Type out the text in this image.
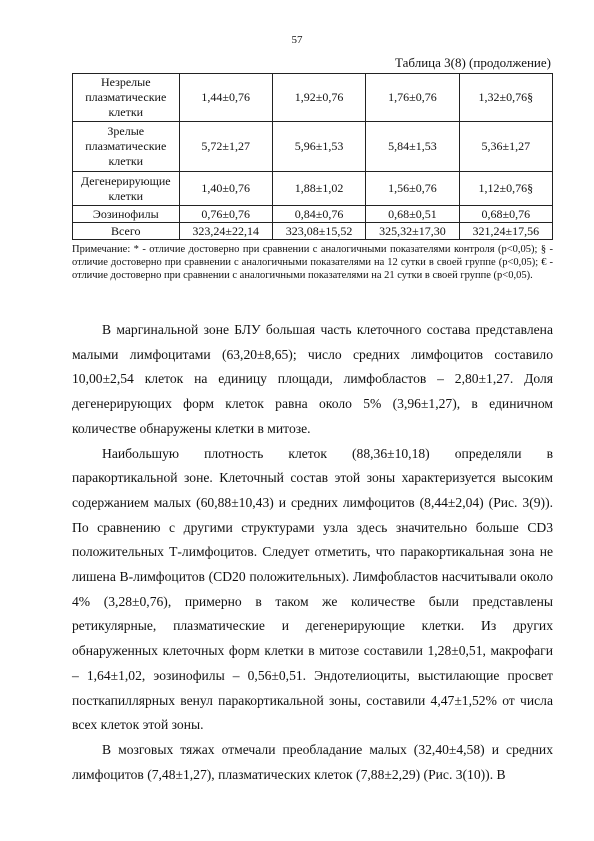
57
Таблица 3(8) (продолжение)
Незрелые плазматические клетки	1,44±0,76	1,92±0,76	1,76±0,76	1,32±0,76§
Зрелые плазматические клетки	5,72±1,27	5,96±1,53	5,84±1,53	5,36±1,27
Дегенерирующие клетки	1,40±0,76	1,88±1,02	1,56±0,76	1,12±0,76§
Эозинофилы	0,76±0,76	0,84±0,76	0,68±0,51	0,68±0,76
Всего	323,24±22,14	323,08±15,52	325,32±17,30	321,24±17,56
Примечание: * - отличие достоверно при сравнении с аналогичными показателями контроля (p<0,05); § - отличие достоверно при сравнении с аналогичными показателями на 12 сутки в своей группе (p<0,05); € - отличие достоверно при сравнении с аналогичными показателями на 21 сутки в своей группе (p<0,05).

В маргинальной зоне БЛУ большая часть клеточного состава представлена малыми лимфоцитами (63,20±8,65); число средних лимфоцитов составило 10,00±2,54 клеток на единицу площади, лимфобластов – 2,80±1,27. Доля дегенерирующих форм клеток равна около 5% (3,96±1,27), в единичном количестве обнаружены клетки в митозе.

Наибольшую плотность клеток (88,36±10,18) определяли в паракортикальной зоне. Клеточный состав этой зоны характеризуется высоким содержанием малых (60,88±10,43) и средних лимфоцитов (8,44±2,04) (Рис. 3(9)). По сравнению с другими структурами узла здесь значительно больше CD3 положительных Т-лимфоцитов. Следует отметить, что паракортикальная зона не лишена В-лимфоцитов (CD20 положительных). Лимфобластов насчитывали около 4% (3,28±0,76), примерно в таком же количестве были представлены ретикулярные, плазматические и дегенерирующие клетки. Из других обнаруженных клеточных форм клетки в митозе составили 1,28±0,51, макрофаги – 1,64±1,02, эозинофилы – 0,56±0,51. Эндотелиоциты, выстилающие просвет посткапиллярных венул паракортикальной зоны, составили 4,47±1,52% от числа всех клеток этой зоны.

В мозговых тяжах отмечали преобладание малых (32,40±4,58) и средних лимфоцитов (7,48±1,27), плазматических клеток (7,88±2,29) (Рис. 3(10)). В
